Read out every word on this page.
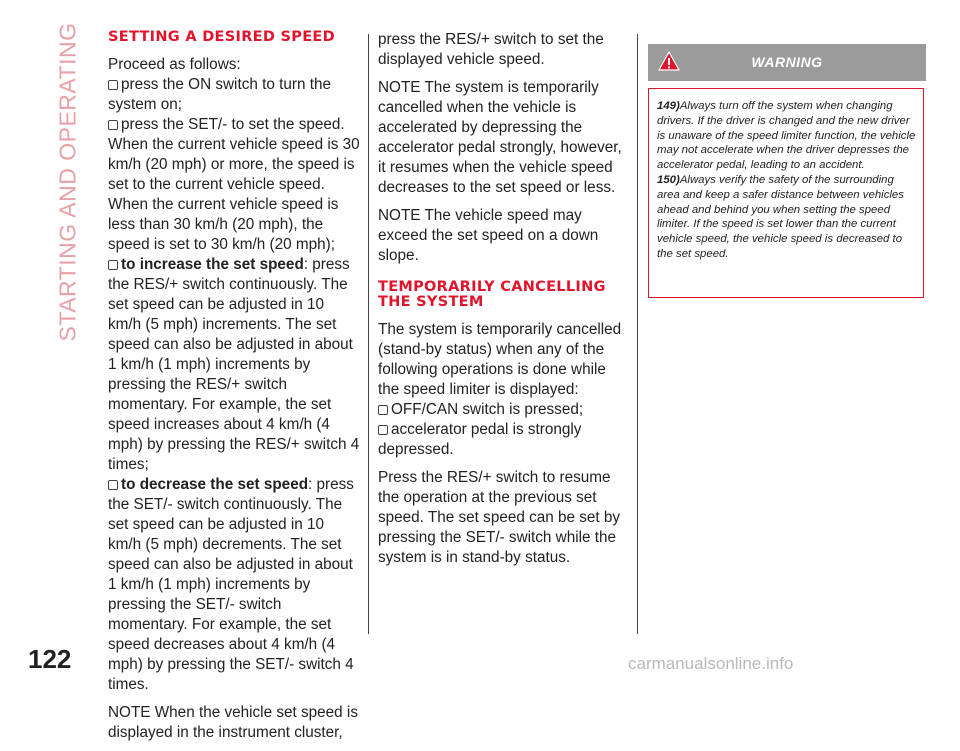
STARTING AND OPERATING SETTING A DESIRED SPEED

Proceed as follows:

press the ON switch to turn the system on;

press the SET/- to set the speed. When the current vehicle speed is 30 km/h (20 mph) or more, the speed is set to the current vehicle speed. When the current vehicle speed is less than 30 km/h (20 mph), the speed is set to 30 km/h (20 mph);

to increase the set speed: press the RES/+ switch continuously. The set speed can be adjusted in 10 km/h (5 mph) increments. The set speed can also be adjusted in about 1 km/h (1 mph) increments by pressing the RES/+ switch momentary. For example, the set speed increases about 4 km/h (4 mph) by pressing the RES/+ switch 4 times;

to decrease the set speed: press the SET/- switch continuously. The set speed can be adjusted in 10 km/h (5 mph) decrements. The set speed can also be adjusted in about 1 km/h (1 mph) increments by pressing the SET/- switch momentary. For example, the set speed decreases about 4 km/h (4 mph) by pressing the SET/- switch 4 times.

NOTE When the vehicle set speed is displayed in the instrument cluster,

press the RES/+ switch to set the displayed vehicle speed.

NOTE The system is temporarily cancelled when the vehicle is accelerated by depressing the accelerator pedal strongly, however, it resumes when the vehicle speed decreases to the set speed or less.

NOTE The vehicle speed may exceed the set speed on a down slope.

TEMPORARILY CANCELLING THE SYSTEM

The system is temporarily cancelled (stand-by status) when any of the following operations is done while the speed limiter is displayed:

OFF/CAN switch is pressed;

accelerator pedal is strongly depressed.

Press the RES/+ switch to resume the operation at the previous set speed. The set speed can be set by pressing the SET/- switch while the system is in stand-by status.

WARNING

149)Always turn off the system when changing drivers. If the driver is changed and the new driver is unaware of the speed limiter function, the vehicle may not accelerate when the driver depresses the accelerator pedal, leading to an accident.

150)Always verify the safety of the surrounding area and keep a safer distance between vehicles ahead and behind you when setting the speed limiter. If the speed is set lower than the current vehicle speed, the vehicle speed is decreased to the set speed.

122	carmanualsonline.info
